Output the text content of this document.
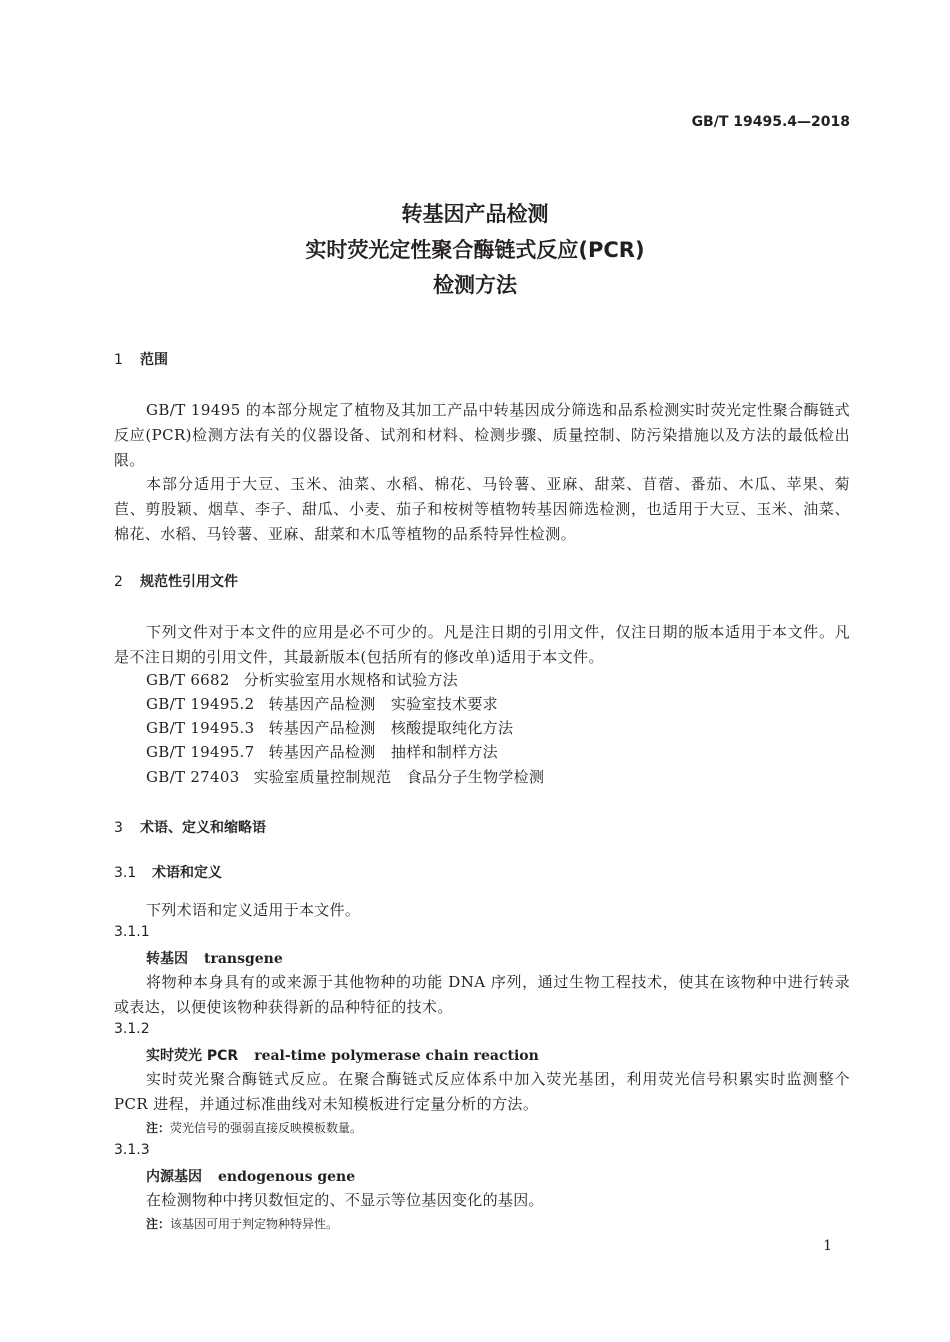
GB/T 19495.4—2018
转基因产品检测
实时荧光定性聚合酶链式反应(PCR)
检测方法
1 范围
GB/T 19495 的本部分规定了植物及其加工产品中转基因成分筛选和品系检测实时荧光定性聚合酶链式反应(PCR)检测方法有关的仪器设备、试剂和材料、检测步骤、质量控制、防污染措施以及方法的最低检出限。
本部分适用于大豆、玉米、油菜、水稻、棉花、马铃薯、亚麻、甜菜、苜蓿、番茄、木瓜、苹果、菊苣、剪股颖、烟草、李子、甜瓜、小麦、茄子和桉树等植物转基因筛选检测，也适用于大豆、玉米、油菜、棉花、水稻、马铃薯、亚麻、甜菜和木瓜等植物的品系特异性检测。
2 规范性引用文件
下列文件对于本文件的应用是必不可少的。凡是注日期的引用文件，仅注日期的版本适用于本文件。凡是不注日期的引用文件，其最新版本(包括所有的修改单)适用于本文件。
GB/T 6682 分析实验室用水规格和试验方法
GB/T 19495.2 转基因产品检测　实验室技术要求
GB/T 19495.3 转基因产品检测　核酸提取纯化方法
GB/T 19495.7 转基因产品检测　抽样和制样方法
GB/T 27403 实验室质量控制规范　食品分子生物学检测
3 术语、定义和缩略语
3.1 术语和定义
下列术语和定义适用于本文件。
3.1.1
转基因 transgene
将物种本身具有的或来源于其他物种的功能 DNA 序列，通过生物工程技术，使其在该物种中进行转录或表达，以便使该物种获得新的品种特征的技术。
3.1.2
实时荧光 PCR real-time polymerase chain reaction
实时荧光聚合酶链式反应。在聚合酶链式反应体系中加入荧光基团，利用荧光信号积累实时监测整个 PCR 进程，并通过标准曲线对未知模板进行定量分析的方法。
注：荧光信号的强弱直接反映模板数量。
3.1.3
内源基因 endogenous gene
在检测物种中拷贝数恒定的、不显示等位基因变化的基因。
注：该基因可用于判定物种特异性。
1
